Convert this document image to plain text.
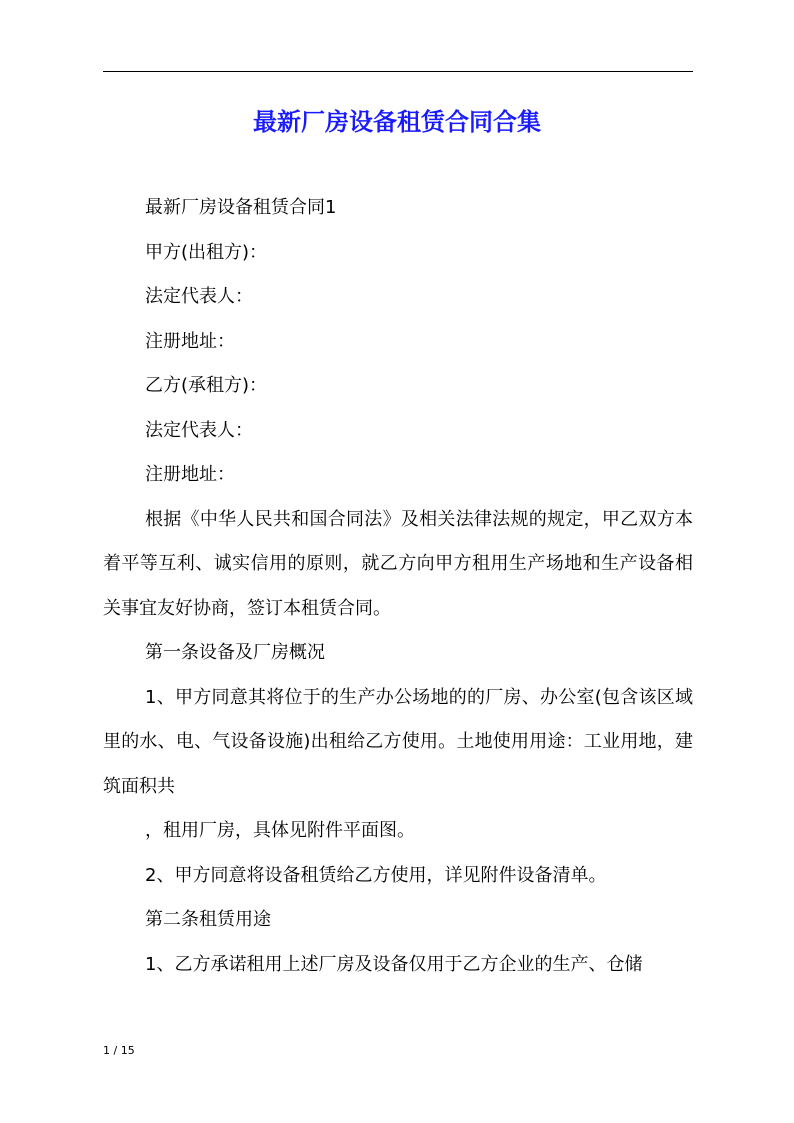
最新厂房设备租赁合同合集

最新厂房设备租赁合同1

甲方(出租方)：

法定代表人：

注册地址：

乙方(承租方)：

法定代表人：

注册地址：

根据《中华人民共和国合同法》及相关法律法规的规定，甲乙双方本着平等互利、诚实信用的原则，就乙方向甲方租用生产场地和生产设备相关事宜友好协商，签订本租赁合同。

第一条设备及厂房概况

1、甲方同意其将位于的生产办公场地的的厂房、办公室(包含该区域里的水、电、气设备设施)出租给乙方使用。土地使用用途：工业用地，建筑面积共

，租用厂房，具体见附件平面图。

2、甲方同意将设备租赁给乙方使用，详见附件设备清单。

第二条租赁用途

1、乙方承诺租用上述厂房及设备仅用于乙方企业的生产、仓储

1 / 15
